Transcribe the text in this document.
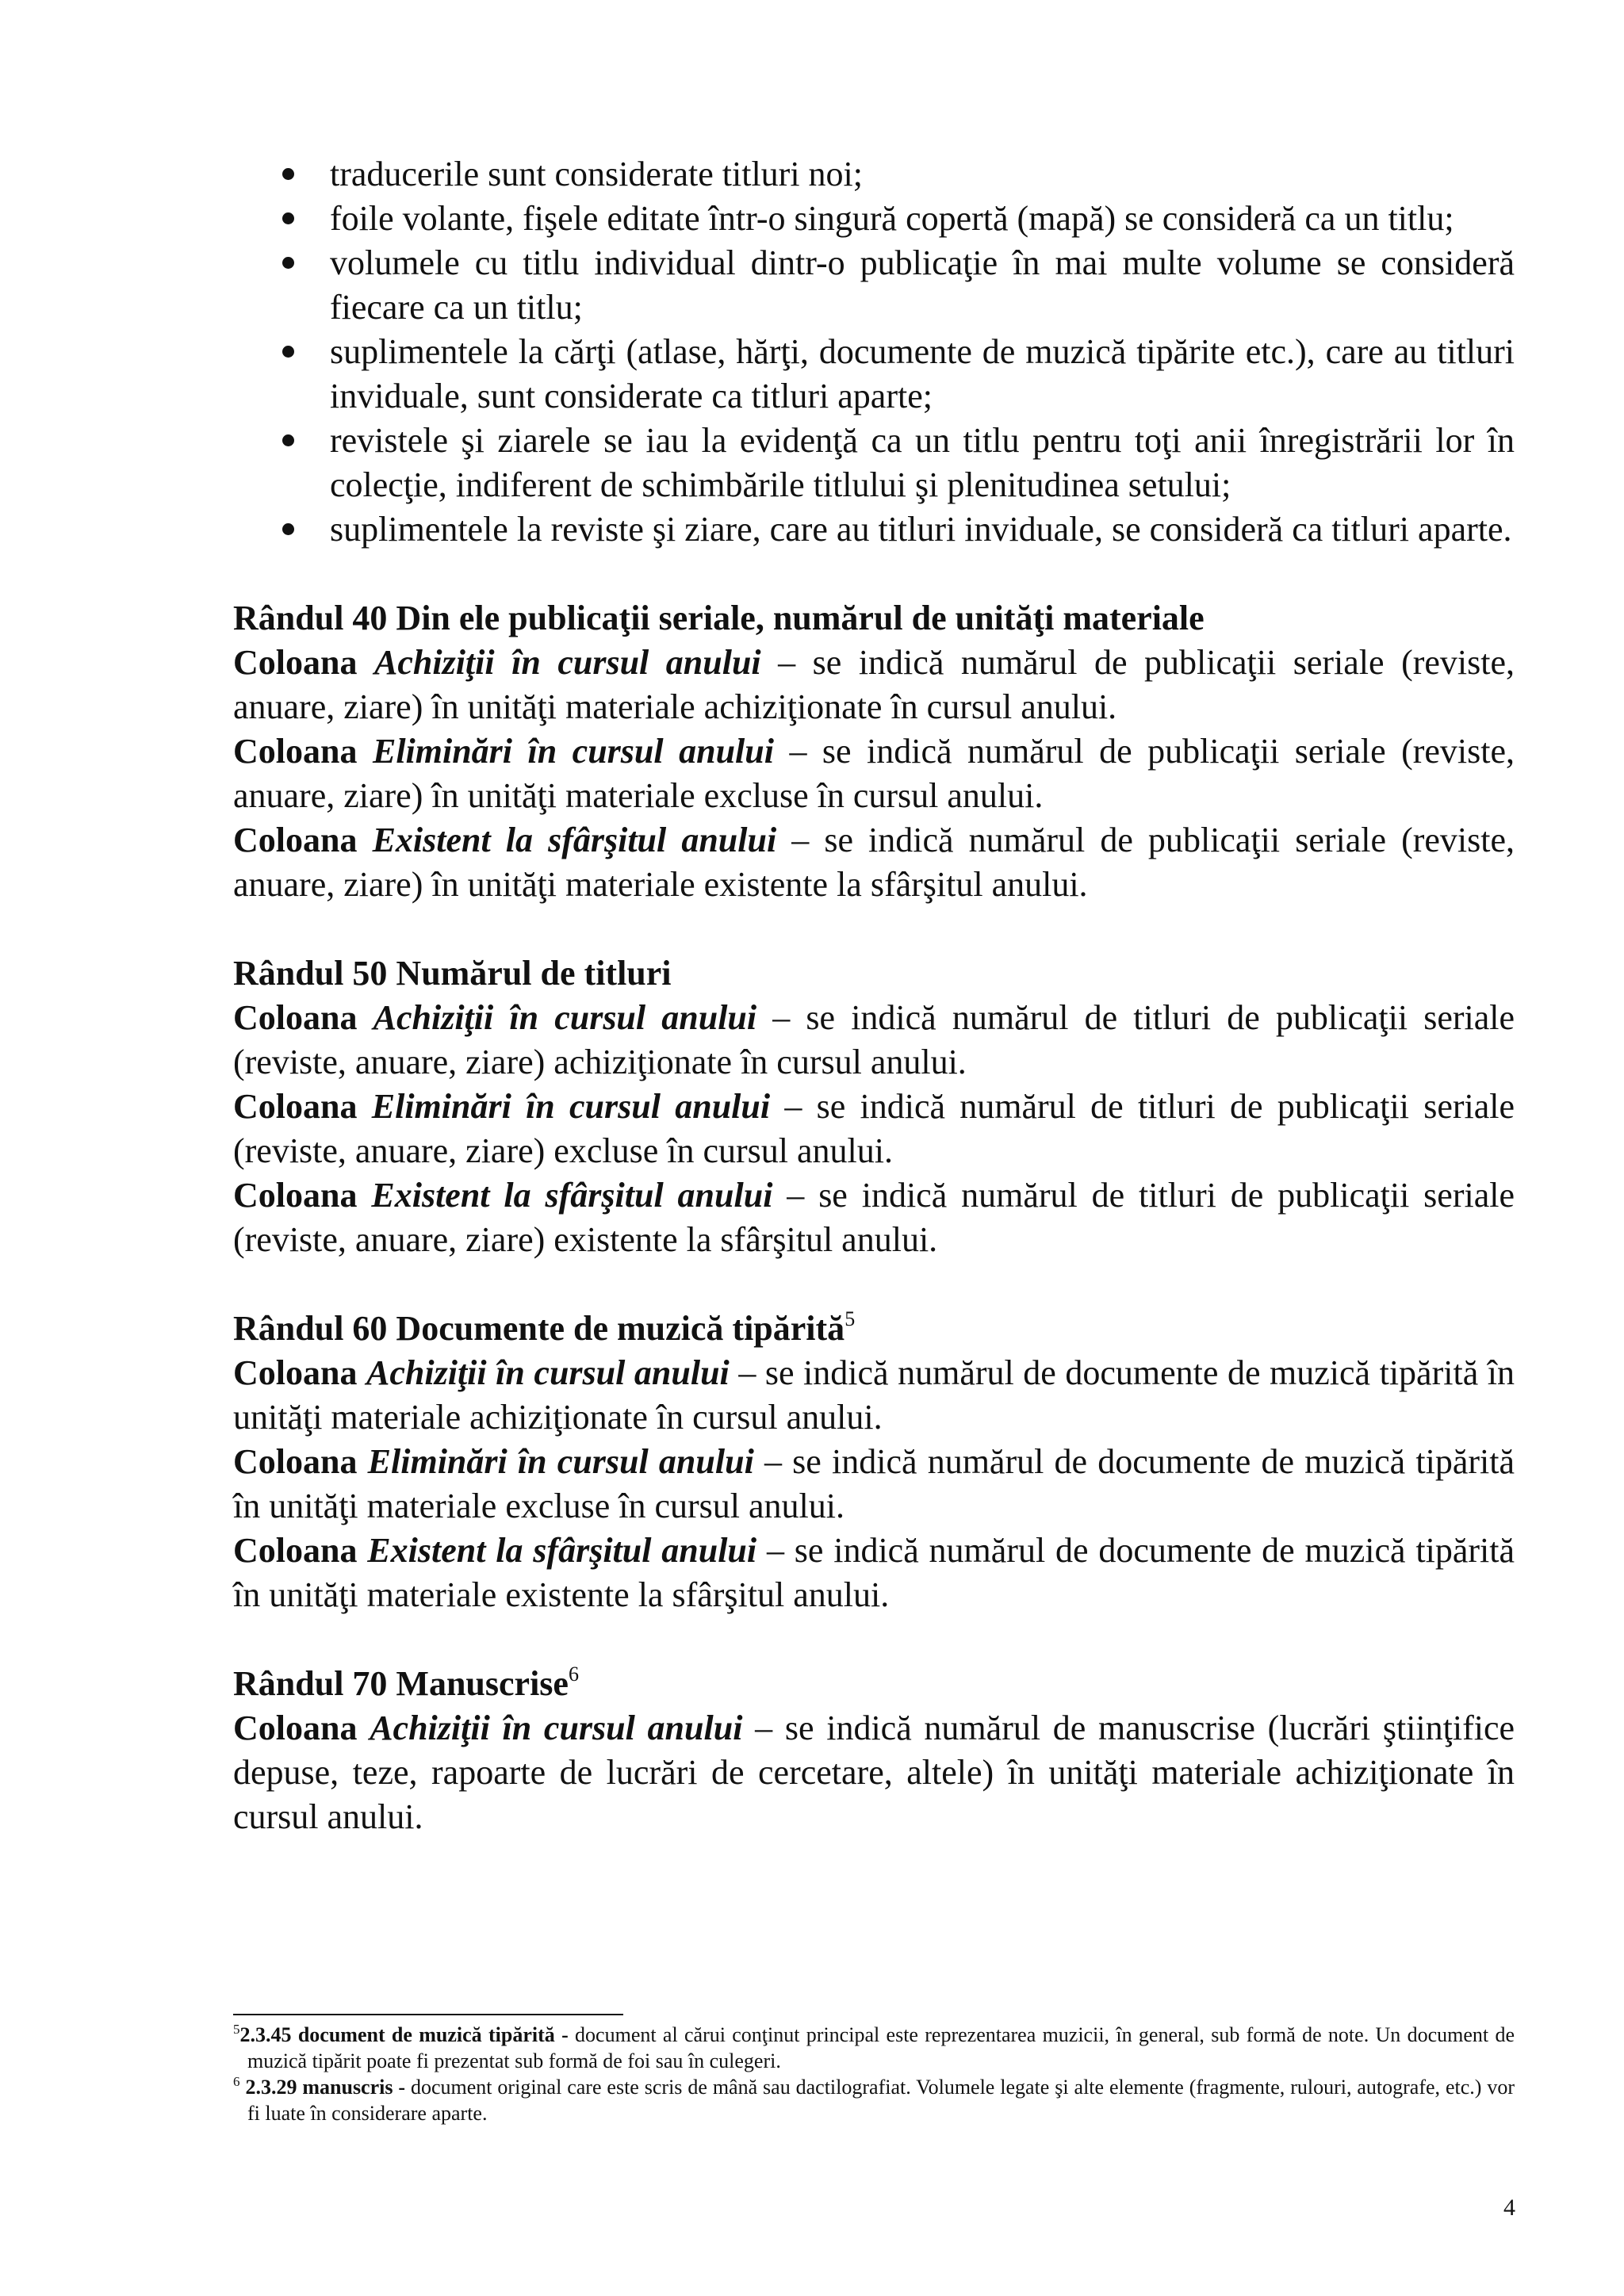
traducerile sunt considerate titluri noi;
foile volante, fişele editate într-o singură copertă (mapă) se consideră ca un titlu;
volumele cu titlu individual dintr-o publicaţie în mai multe volume se consideră fiecare ca un titlu;
suplimentele la cărţi (atlase, hărţi, documente de muzică tipărite etc.), care au titluri inviduale, sunt considerate ca titluri aparte;
revistele şi ziarele se iau la evidenţă ca un titlu pentru toţi anii înregistrării lor în colecţie, indiferent de schimbările titlului şi plenitudinea setului;
suplimentele la reviste şi ziare, care au titluri inviduale, se consideră ca titluri aparte.
Rândul 40 Din ele publicaţii seriale, numărul de unităţi materiale
Coloana Achiziţii în cursul anului – se indică numărul de publicaţii seriale (reviste, anuare, ziare) în unităţi materiale achiziţionate în cursul anului.
Coloana Eliminări în cursul anului – se indică numărul de publicaţii seriale (reviste, anuare, ziare) în unităţi materiale excluse în cursul anului.
Coloana Existent la sfârşitul anului – se indică numărul de publicaţii seriale (reviste, anuare, ziare) în unităţi materiale existente la sfârşitul anului.
Rândul 50 Numărul de titluri
Coloana Achiziţii în cursul anului – se indică numărul de titluri de publicaţii seriale (reviste, anuare, ziare) achiziţionate în cursul anului.
Coloana Eliminări în cursul anului – se indică numărul de titluri de publicaţii seriale (reviste, anuare, ziare) excluse în cursul anului.
Coloana Existent la sfârşitul anului – se indică numărul de titluri de publicaţii seriale (reviste, anuare, ziare) existente la sfârşitul anului.
Rândul 60 Documente de muzică tipărită$^5$
Coloana Achiziţii în cursul anului – se indică numărul de documente de muzică tipărită în unităţi materiale achiziţionate în cursul anului.
Coloana Eliminări în cursul anului – se indică numărul de documente de muzică tipărită în unităţi materiale excluse în cursul anului.
Coloana Existent la sfârşitul anului – se indică numărul de documente de muzică tipărită în unităţi materiale existente la sfârşitul anului.
Rândul 70 Manuscrise$^6$
Coloana Achiziţii în cursul anului – se indică numărul de manuscrise (lucrări ştiinţifice depuse, teze, rapoarte de lucrări de cercetare, altele) în unităţi materiale achiziţionate în cursul anului.
$^5$2.3.45 document de muzică tipărită - document al cărui conţinut principal este reprezentarea muzicii, în general, sub formă de note. Un document de muzică tipărit poate fi prezentat sub formă de foi sau în culegeri.
$^6$ 2.3.29 manuscris - document original care este scris de mână sau dactilografiat. Volumele legate şi alte elemente (fragmente, rulouri, autografe, etc.) vor fi luate în considerare aparte.
4
